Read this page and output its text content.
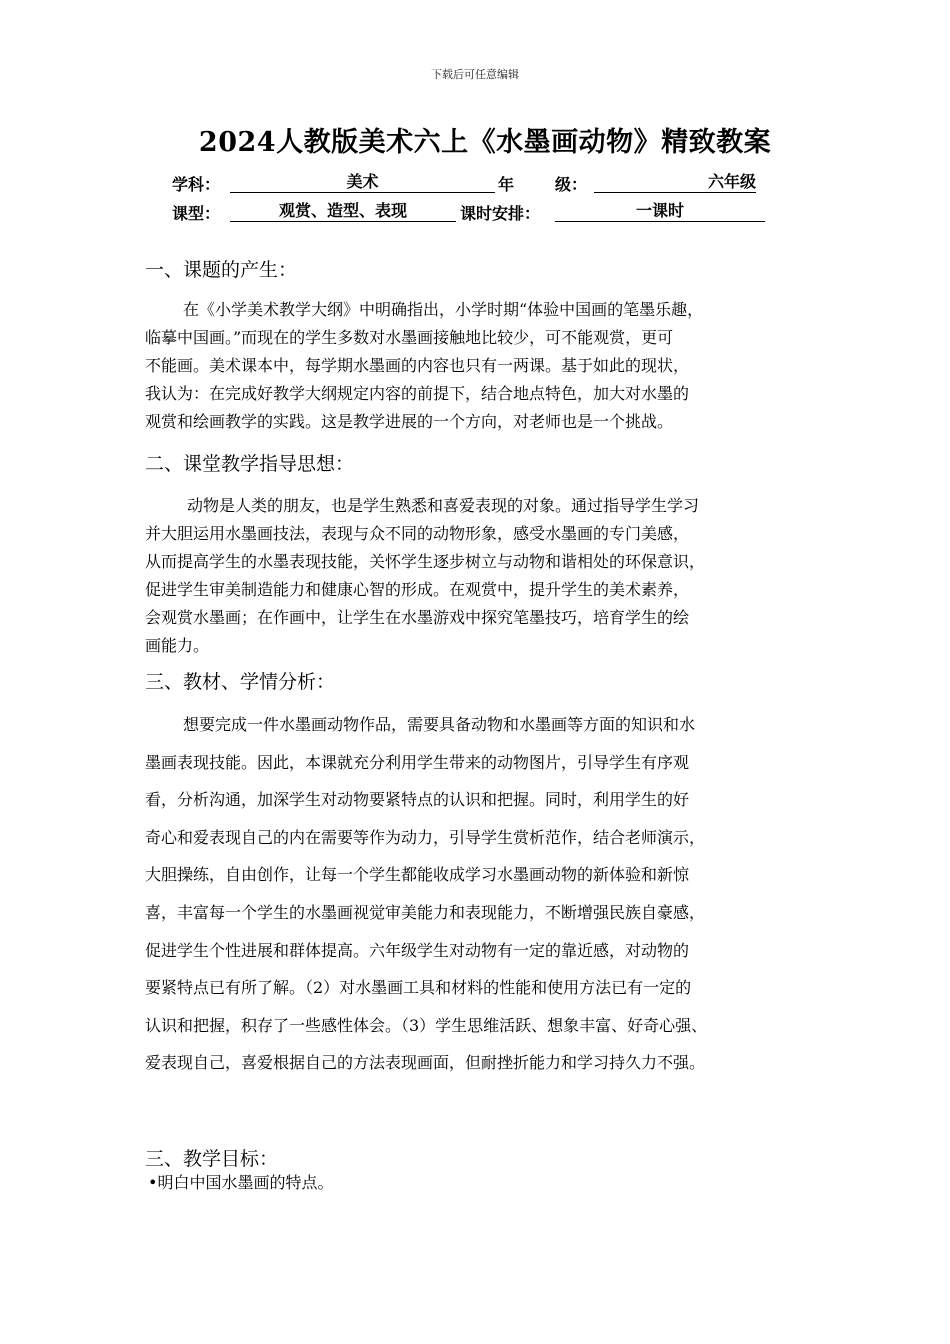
下载后可任意编辑
2024人教版美术六上《水墨画动物》精致教案
学科：	美术	年	级：	六年级
课型：	观赏、造型、表现	课时安排：	一课时
一、课题的产生：
在《小学美术教学大纲》中明确指出，小学时期“体验中国画的笔墨乐趣，
临摹中国画。”而现在的学生多数对水墨画接触地比较少，可不能观赏，更可
不能画。美术课本中，每学期水墨画的内容也只有一两课。基于如此的现状，
我认为：在完成好教学大纲规定内容的前提下，结合地点特色，加大对水墨的
观赏和绘画教学的实践。这是教学进展的一个方向，对老师也是一个挑战。
二、课堂教学指导思想：
动物是人类的朋友，也是学生熟悉和喜爱表现的对象。通过指导学生学习
并大胆运用水墨画技法，表现与众不同的动物形象，感受水墨画的专门美感，
从而提高学生的水墨表现技能，关怀学生逐步树立与动物和谐相处的环保意识，
促进学生审美制造能力和健康心智的形成。在观赏中，提升学生的美术素养，
会观赏水墨画；在作画中，让学生在水墨游戏中探究笔墨技巧，培育学生的绘
画能力。
三、教材、学情分析：
想要完成一件水墨画动物作品，需要具备动物和水墨画等方面的知识和水
墨画表现技能。因此，本课就充分利用学生带来的动物图片，引导学生有序观
看，分析沟通，加深学生对动物要紧特点的认识和把握。同时，利用学生的好
奇心和爱表现自己的内在需要等作为动力，引导学生赏析范作，结合老师演示，
大胆操练，自由创作，让每一个学生都能收成学习水墨画动物的新体验和新惊
喜，丰富每一个学生的水墨画视觉审美能力和表现能力，不断增强民族自豪感，
促进学生个性进展和群体提高。六年级学生对动物有一定的靠近感，对动物的
要紧特点已有所了解。（2）对水墨画工具和材料的性能和使用方法已有一定的
认识和把握，积存了一些感性体会。（3）学生思维活跃、想象丰富、好奇心强、
爱表现自己，喜爱根据自己的方法表现画面，但耐挫折能力和学习持久力不强。
三、教学目标：
•明白中国水墨画的特点。
